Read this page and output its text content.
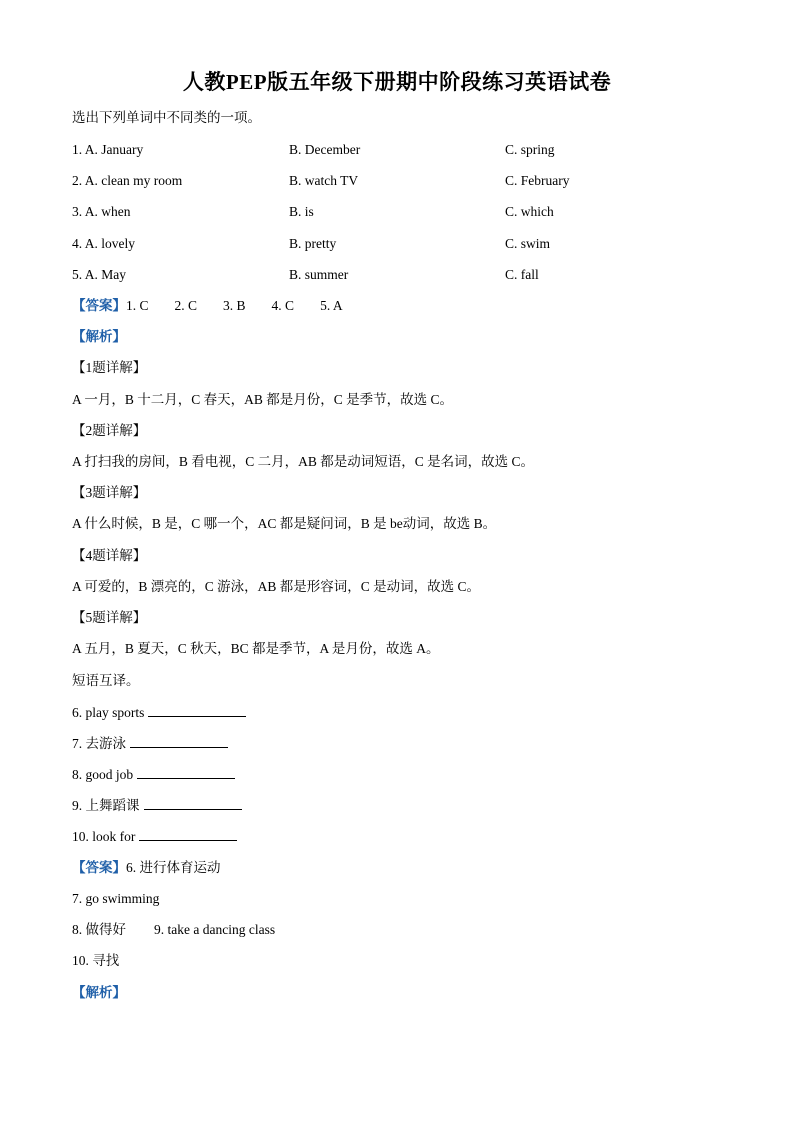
人教PEP版五年级下册期中阶段练习英语试卷
选出下列单词中不同类的一项。
1. A. January	B. December	C. spring
2. A. clean my room	B. watch TV	C. February
3. A. when	B. is	C. which
4. A. lovely	B. pretty	C. swim
5. A. May	B. summer	C. fall
【答案】1. C 2. C 3. B 4. C 5. A
【解析】
【1题详解】
A 一月，B 十二月，C 春天，AB 都是月份，C 是季节，故选 C。
【2题详解】
A 打扫我的房间，B 看电视，C 二月，AB 都是动词短语，C 是名词，故选 C。
【3题详解】
A 什么时候，B 是，C 哪一个，AC 都是疑问词，B 是 be动词，故选 B。
【4题详解】
A 可爱的，B 漂亮的，C 游泳，AB 都是形容词，C 是动词，故选 C。
【5题详解】
A 五月，B 夏天，C 秋天，BC 都是季节，A 是月份，故选 A。
短语互译。
6. play sports
7. 去游泳
8. good job
9. 上舞蹈课
10. look for
【答案】6. 进行体育运动
7. go swimming
8. 做得好 9. take a dancing class
10. 寻找
【解析】
